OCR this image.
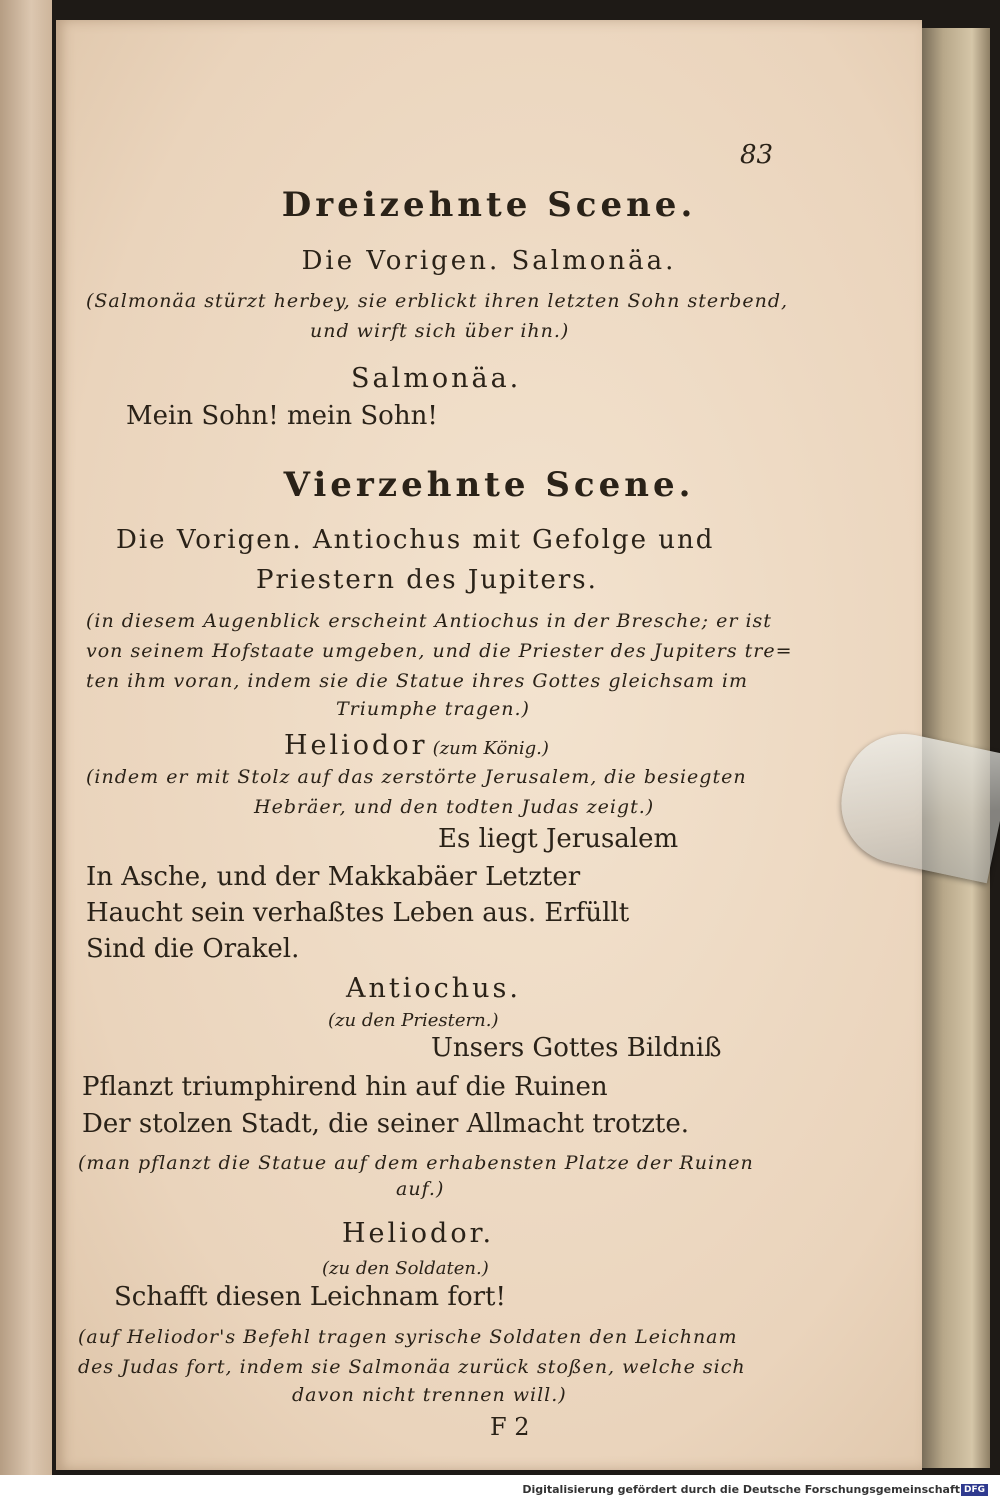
83
Dreizehnte Scene.
Die Vorigen. Salmonäa.
(Salmonäa stürzt herbey, sie erblickt ihren letzten Sohn sterbend,
und wirft sich über ihn.)
Salmonäa.
Mein Sohn! mein Sohn!
Vierzehnte Scene.
Die Vorigen. Antiochus mit Gefolge und
Priestern des Jupiters.
(in diesem Augenblick erscheint Antiochus in der Bresche; er ist
von seinem Hofstaate umgeben, und die Priester des Jupiters tre=
ten ihm voran, indem sie die Statue ihres Gottes gleichsam im
Triumphe tragen.)
Heliodor (zum König.)
(indem er mit Stolz auf das zerstörte Jerusalem, die besiegten
Hebräer, und den todten Judas zeigt.)
Es liegt Jerusalem
In Asche, und der Makkabäer Letzter
Haucht sein verhaßtes Leben aus. Erfüllt
Sind die Orakel.
Antiochus.
(zu den Priestern.)
Unsers Gottes Bildniß
Pflanzt triumphirend hin auf die Ruinen
Der stolzen Stadt, die seiner Allmacht trotzte.
(man pflanzt die Statue auf dem erhabensten Platze der Ruinen
auf.)
Heliodor.
(zu den Soldaten.)
Schafft diesen Leichnam fort!
(auf Heliodor's Befehl tragen syrische Soldaten den Leichnam
des Judas fort, indem sie Salmonäa zurück stoßen, welche sich
davon nicht trennen will.)
F 2
Digitalisierung gefördert durch die Deutsche Forschungsgemeinschaft DFG
